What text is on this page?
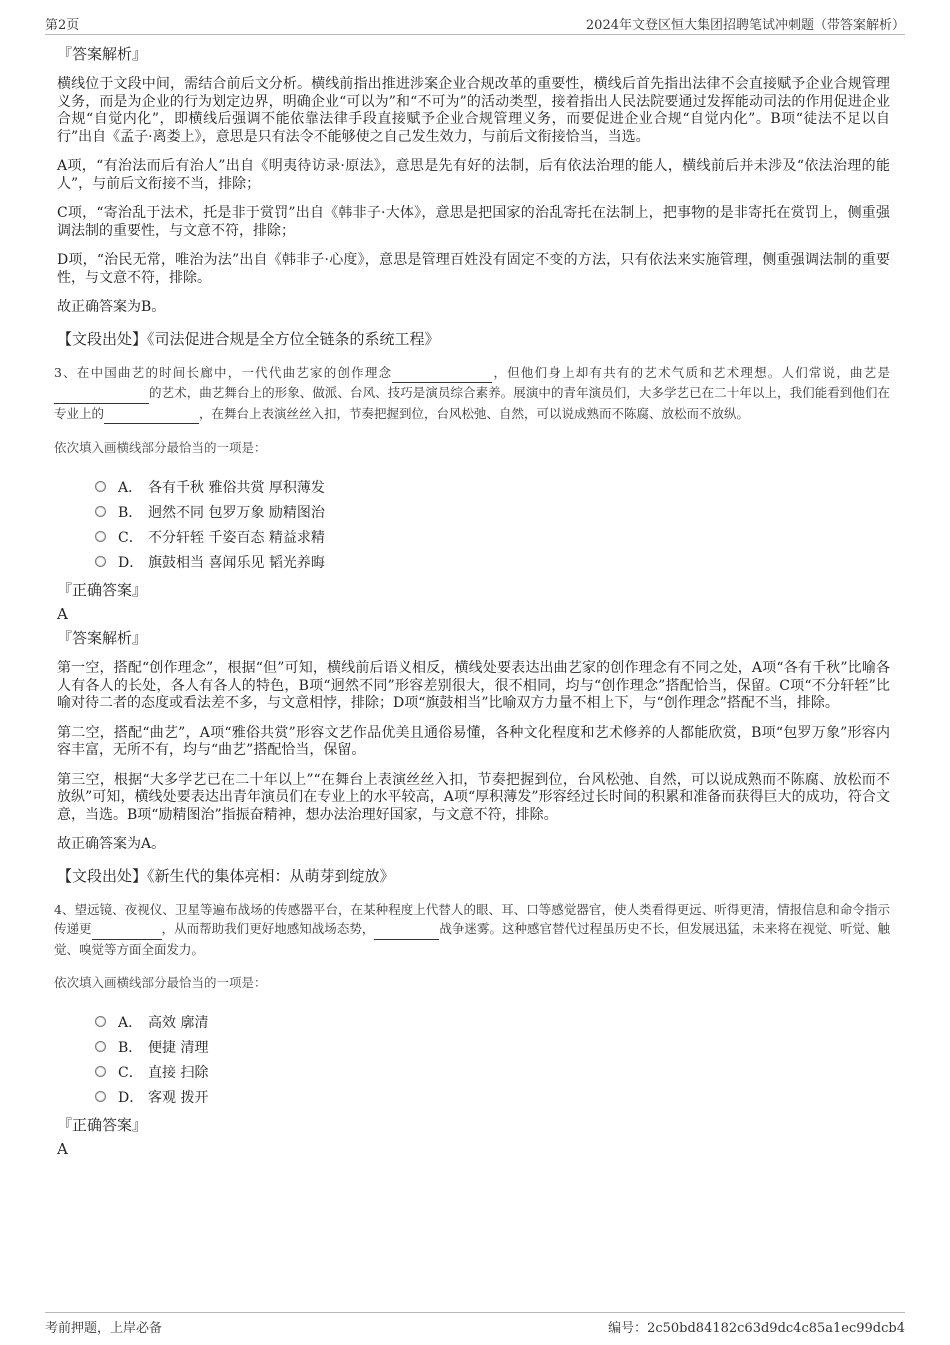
第2页	2024年文登区恒大集团招聘笔试冲刺题（带答案解析）

『答案解析』

横线位于文段中间，需结合前后文分析。横线前指出推进涉案企业合规改革的重要性，横线后首先指出法律不会直接赋予企业合规管理义务，而是为企业的行为划定边界，明确企业“可以为”和“不可为”的活动类型，接着指出人民法院要通过发挥能动司法的作用促进企业合规“自觉内化”，即横线后强调不能依靠法律手段直接赋予企业合规管理义务，而要促进企业合规“自觉内化”。B项“徒法不足以自行”出自《孟子·离娄上》，意思是只有法令不能够使之自己发生效力，与前后文衔接恰当，当选。

A项，“有治法而后有治人”出自《明夷待访录·原法》，意思是先有好的法制，后有依法治理的能人，横线前后并未涉及“依法治理的能人”，与前后文衔接不当，排除；

C项，“寄治乱于法术，托是非于赏罚”出自《韩非子·大体》，意思是把国家的治乱寄托在法制上，把事物的是非寄托在赏罚上，侧重强调法制的重要性，与文意不符，排除；

D项，“治民无常，唯治为法”出自《韩非子·心度》，意思是管理百姓没有固定不变的方法，只有依法来实施管理，侧重强调法制的重要性，与文意不符，排除。

故正确答案为B。

【文段出处】《司法促进合规是全方位全链条的系统工程》

3、在中国曲艺的时间长廊中，一代代曲艺家的创作理念	，但他们身上却有共有的艺术气质和艺术理想。人们常说，曲艺是 的艺术，曲艺舞台上的形象、做派、台风、技巧是演员综合素养。展演中的青年演员们，大多学艺已在二十年以上，我们能看到他们在专业上的	，在舞台上表演丝丝入扣，节奏把握到位，台风松弛、自然，可以说成熟而不陈腐、放松而不放纵。

依次填入画横线部分最恰当的一项是：

A． 各有千秋 雅俗共赏 厚积薄发
B． 迥然不同 包罗万象 励精图治
C． 不分轩轾 千姿百态 精益求精
D． 旗鼓相当 喜闻乐见 韬光养晦

『正确答案』

A

『答案解析』

第一空，搭配“创作理念”，根据“但”可知，横线前后语义相反，横线处要表达出曲艺家的创作理念有不同之处，A项“各有千秋”比喻各人有各人的长处，各人有各人的特色，B项“迥然不同”形容差别很大，很不相同，均与“创作理念”搭配恰当，保留。C项“不分轩轾”比喻对待二者的态度或看法差不多，与文意相悖，排除；D项“旗鼓相当”比喻双方力量不相上下，与“创作理念”搭配不当，排除。

第二空，搭配“曲艺”，A项“雅俗共赏”形容文艺作品优美且通俗易懂，各种文化程度和艺术修养的人都能欣赏，B项“包罗万象”形容内容丰富，无所不有，均与“曲艺”搭配恰当，保留。

第三空，根据“大多学艺已在二十年以上”“在舞台上表演丝丝入扣，节奏把握到位，台风松弛、自然，可以说成熟而不陈腐、放松而不放纵”可知，横线处要表达出青年演员们在专业上的水平较高，A项“厚积薄发”形容经过长时间的积累和准备而获得巨大的成功，符合文意，当选。B项“励精图治”指振奋精神，想办法治理好国家，与文意不符，排除。

故正确答案为A。

【文段出处】《新生代的集体亮相：从萌芽到绽放》

4、望远镜、夜视仪、卫星等遍布战场的传感器平台，在某种程度上代替人的眼、耳、口等感觉器官，使人类看得更远、听得更清，情报信息和命令指示传递更	，从而帮助我们更好地感知战场态势，	战争迷雾。这种感官替代过程虽历史不长，但发展迅猛，未来将在视觉、听觉、触觉、嗅觉等方面全面发力。

依次填入画横线部分最恰当的一项是：

A． 高效 廓清
B． 便捷 清理
C． 直接 扫除
D． 客观 拨开

『正确答案』

A

考前押题，上岸必备	编号：2c50bd84182c63d9dc4c85a1ec99dcb4
